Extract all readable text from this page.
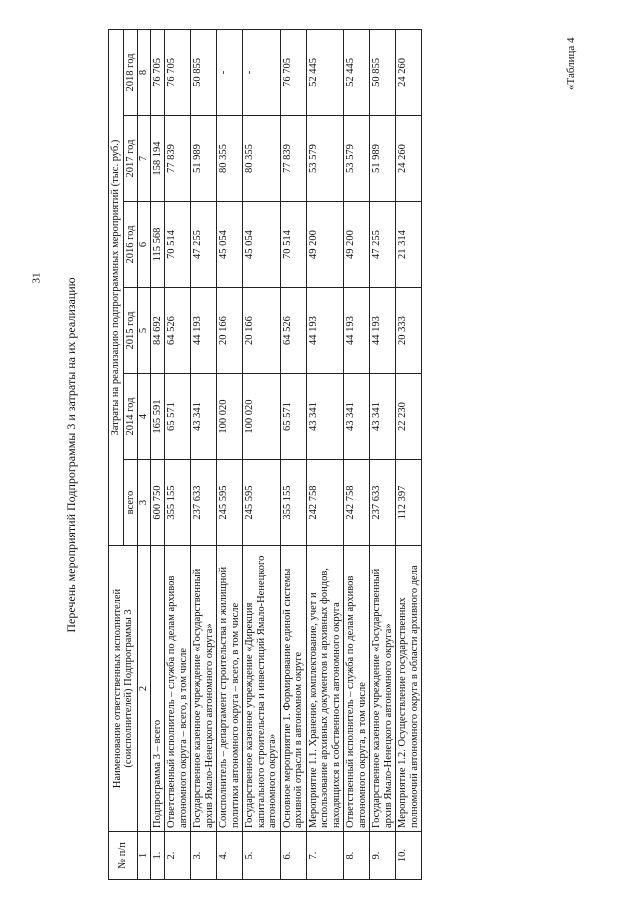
31
«Таблица 4
Перечень мероприятий Подпрограммы 3 и затраты на их реализацию
№ п/п	Наименование ответственных исполнителей (соисполнителей) Подпрограммы 3	Затраты на реализацию подпрограммных мероприятий (тыс. руб.)					
		всего	2014 год	2015 год	2016 год	2017 год	2018 год
1	2	3	4	5	6	7	8
1.	Подпрограмма 3 – всего	600 750	165 591	84 692	115 568	158 194	76 705
2.	Ответственный исполнитель – служба по делам архивов автономного округа – всего, в том числе	355 155	65 571	64 526	70 514	77 839	76 705
3.	Государственное казенное учреждение «Государственный архив Ямало-Ненецкого автономного округа»	237 633	43 341	44 193	47 255	51 989	50 855
4.	Соисполнитель – департамент строительства и жилищной политики автономного округа – всего, в том числе	245 595	100 020	20 166	45 054	80 355	-
5.	Государственное казенное учреждение «Дирекция капитального строительства и инвестиций Ямало-Ненецкого автономного округа»	245 595	100 020	20 166	45 054	80 355	-
6.	Основное мероприятие 1. Формирование единой системы архивной отрасли в автономном округе	355 155	65 571	64 526	70 514	77 839	76 705
7.	Мероприятие 1.1. Хранение, комплектование, учет и использование архивных документов и архивных фондов, находящихся в собственности автономного округа	242 758	43 341	44 193	49 200	53 579	52 445
8.	Ответственный исполнитель – служба по делам архивов автономного округа, в том числе	242 758	43 341	44 193	49 200	53 579	52 445
9.	Государственное казенное учреждение «Государственный архив Ямало-Ненецкого автономного округа»	237 633	43 341	44 193	47 255	51 989	50 855
10.	Мероприятие 1.2. Осуществление государственных полномочий автономного округа в области архивного дела	112 397	22 230	20 333	21 314	24 260	24 260
